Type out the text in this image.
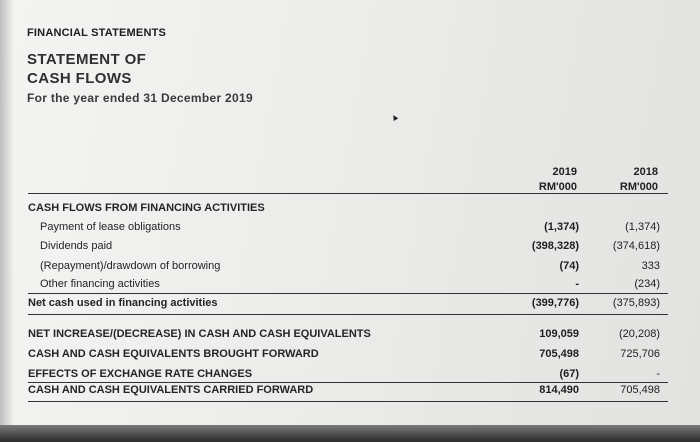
FINANCIAL STATEMENTS
STATEMENT OF
CASH FLOWS
For the year ended 31 December 2019
▲
2019
RM'000
2018
RM'000
CASH FLOWS FROM FINANCING ACTIVITIES
Payment of lease obligations	(1,374)	(1,374)
Dividends paid	(398,328)	(374,618)
(Repayment)/drawdown of borrowing	(74)	333
Other financing activities	-	(234)
Net cash used in financing activities	(399,776)	(375,893)
NET INCREASE/(DECREASE) IN CASH AND CASH EQUIVALENTS	109,059	(20,208)
CASH AND CASH EQUIVALENTS BROUGHT FORWARD	705,498	725,706
EFFECTS OF EXCHANGE RATE CHANGES	(67)	-
CASH AND CASH EQUIVALENTS CARRIED FORWARD	814,490	705,498
